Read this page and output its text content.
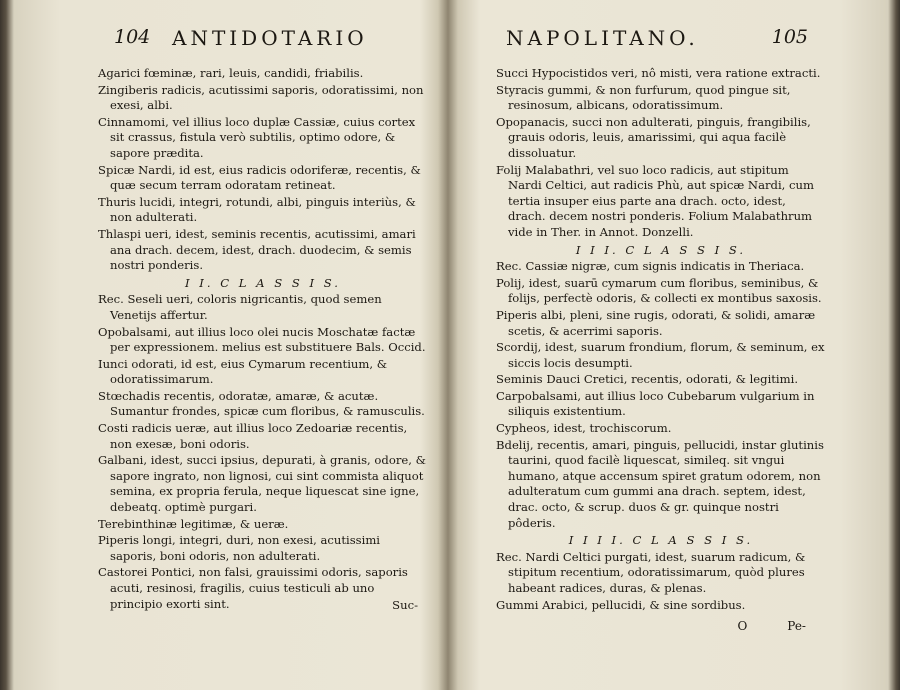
104 ANTIDOTARIO

Agarici fœminæ, rari, leuis, candidi, friabilis.

Zingiberis radicis, acutissimi saporis, odoratissimi, non exesi, albi.

Cinnamomi, vel illius loco duplæ Cassiæ, cuius cortex sit crassus, fistula verò subtilis, optimo odore, & sapore prædita.

Spicæ Nardi, id est, eius radicis odoriferæ, recentis, & quæ secum terram odoratam retineat.

Thuris lucidi, integri, rotundi, albi, pinguis interiùs, & non adulterati.

Thlaspi ueri, idest, seminis recentis, acutissimi, amari ana drach. decem, idest, drach. duodecim, & semis nostri ponderis.

I I. C L A S S I S.

Rec. Seseli ueri, coloris nigricantis, quod semen Venetijs affertur.

Opobalsami, aut illius loco olei nucis Moschatæ factæ per expressionem. melius est substituere Bals. Occid.

Iunci odorati, id est, eius Cymarum recentium, & odoratissimarum.

Stœchadis recentis, odoratæ, amaræ, & acutæ. Sumantur frondes, spicæ cum floribus, & ramusculis.

Costi radicis ueræ, aut illius loco Zedoariæ recentis, non exesæ, boni odoris.

Galbani, idest, succi ipsius, depurati, à granis, odore, & sapore ingrato, non lignosi, cui sint commista aliquot semina, ex propria ferula, neque liquescat sine igne, debeatq. optimè purgari.

Terebinthinæ legitimæ, & ueræ.

Piperis longi, integri, duri, non exesi, acutissimi saporis, boni odoris, non adulterati.

Castorei Pontici, non falsi, grauissimi odoris, saporis acuti, resinosi, fragilis, cuius testiculi ab uno principio exorti sint.	Suc-
NAPOLITANO.	105

Succi Hypocistidos veri, nô misti, vera ratione extracti.

Styracis gummi, & non furfurum, quod pingue sit, resinosum, albicans, odoratissimum.

Opopanacis, succi non adulterati, pinguis, frangibilis, grauis odoris, leuis, amarissimi, qui aqua facilè dissoluatur.

Folij Malabathri, vel suo loco radicis, aut stipitum Nardi Celtici, aut radicis Phù, aut spicæ Nardi, cum tertia insuper eius parte ana drach. octo, idest, drach. decem nostri ponderis. Folium Malabathrum vide in Ther. in Annot. Donzelli.

I I I. C L A S S I S.

Rec. Cassiæ nigræ, cum signis indicatis in Theriaca.

Polij, idest, suarū cymarum cum floribus, seminibus, & folijs, perfectè odoris, & collecti ex montibus saxosis.

Piperis albi, pleni, sine rugis, odorati, & solidi, amaræ scetis, & acerrimi saporis.

Scordij, idest, suarum frondium, florum, & seminum, ex siccis locis desumpti.

Seminis Dauci Cretici, recentis, odorati, & legitimi.

Carpobalsami, aut illius loco Cubebarum vulgarium in siliquis existentium.

Cypheos, idest, trochiscorum.

Bdelij, recentis, amari, pinguis, pellucidi, instar glutinis taurini, quod facilè liquescat, simileq. sit vngui humano, atque accensum spiret gratum odorem, non adulteratum cum gummi ana drach. septem, idest, drac. octo, & scrup. duos & gr. quinque nostri pôderis.

I I I I. C L A S S I S.

Rec. Nardi Celtici purgati, idest, suarum radicum, & stipitum recentium, odoratissimarum, quòd plures habeant radices, duras, & plenas.

Gummi Arabici, pellucidi, & sine sordibus.

O	Pe-
